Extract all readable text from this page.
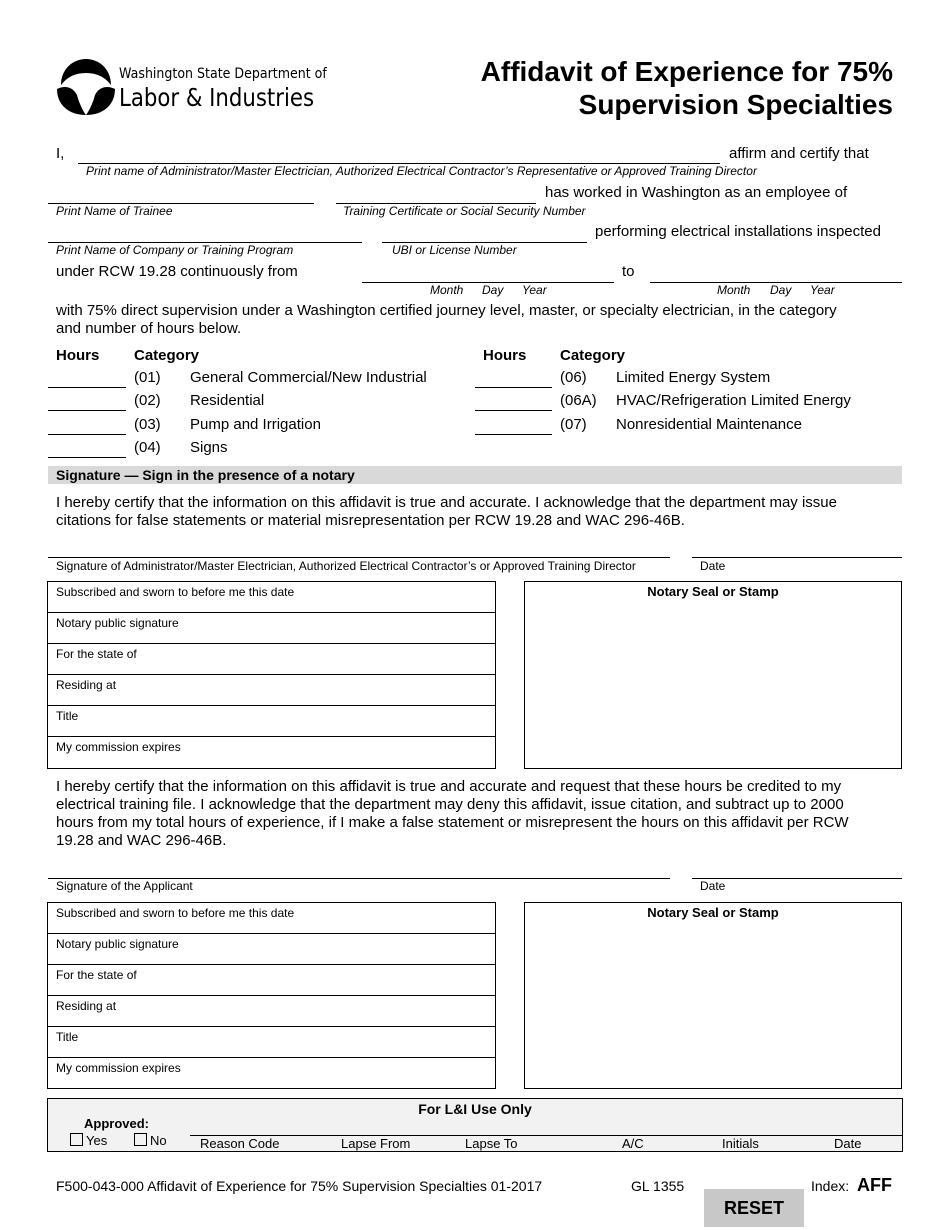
Washington State Department of
Labor & Industries
Affidavit of Experience for 75%
Supervision Specialties
I,	affirm and certify that
Print name of Administrator/Master Electrician, Authorized Electrical Contractor’s Representative or Approved Training Director
has worked in Washington as an employee of
Print Name of Trainee	Training Certificate or Social Security Number
performing electrical installations inspected
Print Name of Company or Training Program	UBI or License Number
under RCW 19.28 continuously from	to
Month Day Year	Month Day Year
with 75% direct supervision under a Washington certified journey level, master, or specialty electrician, in the category
and number of hours below.
Hours Category	Hours Category
(01) General Commercial/New Industrial
(02) Residential
(03) Pump and Irrigation
(04) Signs
(06) Limited Energy System
(06A) HVAC/Refrigeration Limited Energy
(07) Nonresidential Maintenance
Signature — Sign in the presence of a notary
I hereby certify that the information on this affidavit is true and accurate. I acknowledge that the department may issue
citations for false statements or material misrepresentation per RCW 19.28 and WAC 296-46B.
Signature of Administrator/Master Electrician, Authorized Electrical Contractor’s or Approved Training Director	Date
Subscribed and sworn to before me this date
Notary public signature
For the state of
Residing at
Title
My commission expires
Notary Seal or Stamp
I hereby certify that the information on this affidavit is true and accurate and request that these hours be credited to my
electrical training file. I acknowledge that the department may deny this affidavit, issue citation, and subtract up to 2000
hours from my total hours of experience, if I make a false statement or misrepresent the hours on this affidavit per RCW
19.28 and WAC 296-46B.
Signature of the Applicant	Date
Subscribed and sworn to before me this date
Notary public signature
For the state of
Residing at
Title
My commission expires
Notary Seal or Stamp
For L&I Use Only
Approved:
Yes	No	Reason Code	Lapse From	Lapse To	A/C	Initials	Date
F500-043-000 Affidavit of Experience for 75% Supervision Specialties 01-2017	GL 1355	Index: AFF
RESET
